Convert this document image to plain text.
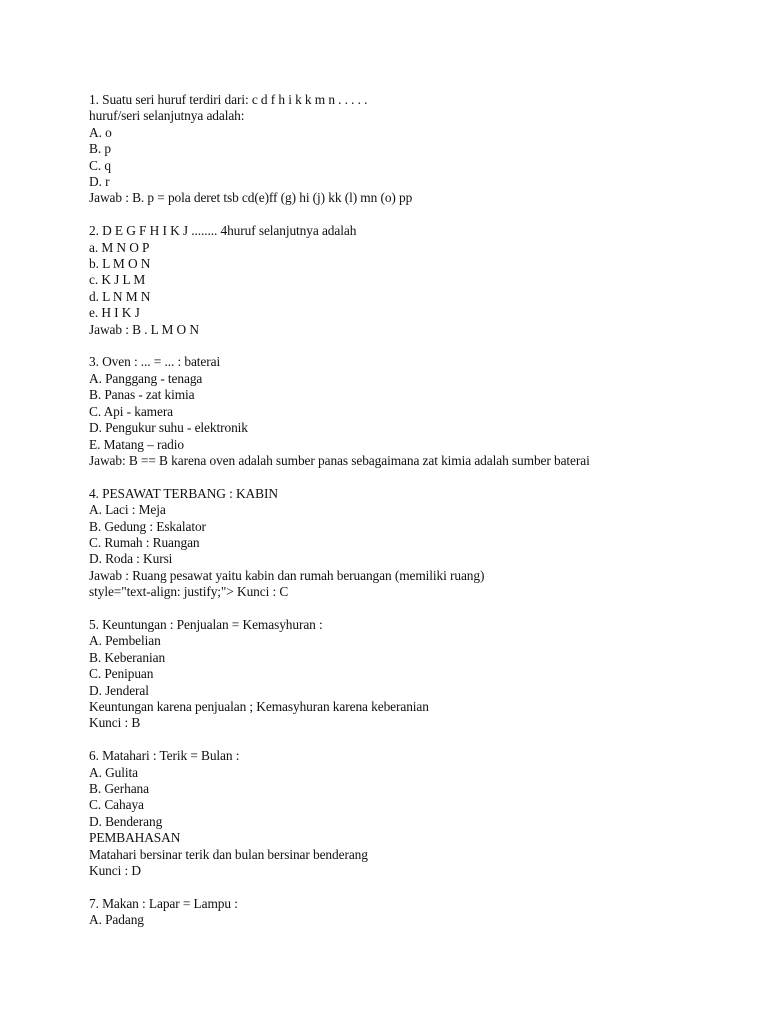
1. Suatu seri huruf terdiri dari: c d f h i k k m n . . . . .
huruf/seri selanjutnya adalah:
A. o
B. p
C. q
D. r
Jawab : B. p = pola deret tsb cd(e)ff (g) hi (j) kk (l) mn (o) pp
2. D E G F H I K J ........ 4huruf selanjutnya adalah
a. M N O P
b. L M O N
c. K J L M
d. L N M N
e. H I K J
Jawab : B . L M O N
3. Oven : ... = ... : baterai
A. Panggang - tenaga
B. Panas - zat kimia
C. Api - kamera
D. Pengukur suhu - elektronik
E. Matang – radio
Jawab: B == B karena oven adalah sumber panas sebagaimana zat kimia adalah sumber baterai
4. PESAWAT TERBANG : KABIN
A. Laci : Meja
B. Gedung : Eskalator
C. Rumah : Ruangan
D. Roda : Kursi
Jawab : Ruang pesawat yaitu kabin dan rumah beruangan (memiliki ruang)
style="text-align: justify;"> Kunci : C
5. Keuntungan : Penjualan = Kemasyhuran :
A. Pembelian
B. Keberanian
C. Penipuan
D. Jenderal
Keuntungan karena penjualan ; Kemasyhuran karena keberanian
Kunci : B
6. Matahari : Terik = Bulan :
A. Gulita
B. Gerhana
C. Cahaya
D. Benderang
PEMBAHASAN
Matahari bersinar terik dan bulan bersinar benderang
Kunci : D
7. Makan : Lapar = Lampu :
A. Padang
